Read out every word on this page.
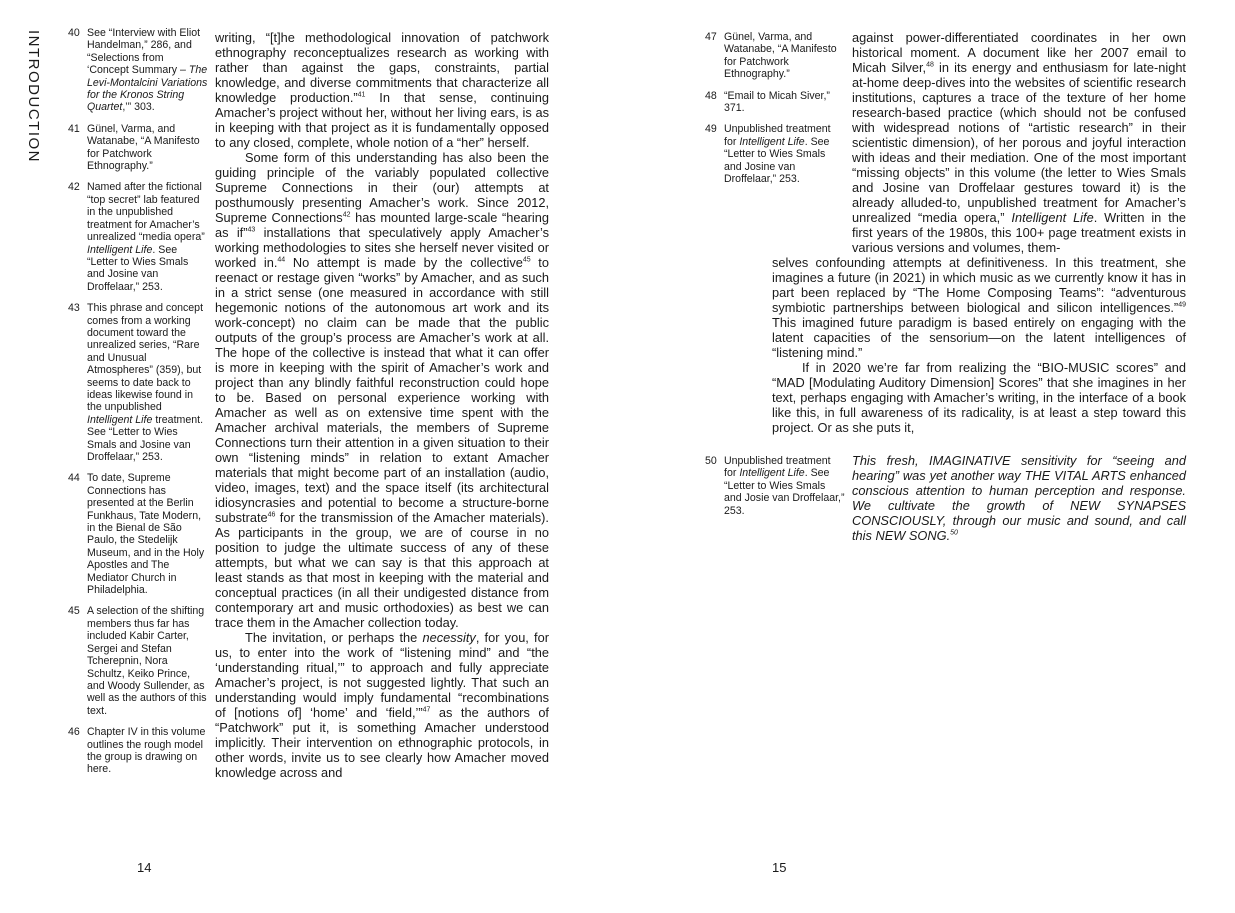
INTRODUCTION 40 See “Interview with Eliot Handelman,” 286, and “Selections from ‘Concept Summary – The Levi-Montalcini Variations for the Kronos String Quartet,’” 303.
41 Günel, Varma, and Watanabe, “A Manifesto for Patchwork Ethnography.”
42 Named after the fictional “top secret” lab featured in the unpublished treatment for Amacher’s unrealized “media opera” Intelligent Life. See “Letter to Wies Smals and Josine van Droffelaar,” 253.
43 This phrase and concept comes from a working document toward the unrealized series, “Rare and Unusual Atmospheres” (359), but seems to date back to ideas likewise found in the unpublished Intelligent Life treatment. See “Letter to Wies Smals and Josine van Droffelaar,” 253.
44 To date, Supreme Connections has presented at the Berlin Funkhaus, Tate Modern, in the Bienal de São Paulo, the Stedelijk Museum, and in the Holy Apostles and The Mediator Church in Philadelphia.
45 A selection of the shifting members thus far has included Kabir Carter, Sergei and Stefan Tcherepnin, Nora Schultz, Keiko Prince, and Woody Sullender, as well as the authors of this text.
46 Chapter IV in this volume outlines the rough model the group is drawing on here.

writing, “[t]he methodological innovation of patchwork ethnography reconceptualizes research as working with rather than against the gaps, constraints, partial knowledge, and diverse commitments that characterize all knowledge production.”$^{41}$ In that sense, continuing Amacher’s project without her, without her living ears, is as in keeping with that project as it is fundamentally opposed to any closed, complete, whole notion of a “her” herself.

Some form of this understanding has also been the guiding principle of the variably populated collective Supreme Connections in their (our) attempts at posthumously presenting Amacher’s work. Since 2012, Supreme Connections$^{42}$ has mounted large-scale “hearing as if”$^{43}$ installations that speculatively apply Amacher’s working methodologies to sites she herself never visited or worked in.$^{44}$ No attempt is made by the collective$^{45}$ to reenact or restage given “works” by Amacher, and as such in a strict sense (one measured in accordance with still hegemonic notions of the autonomous art work and its work-concept) no claim can be made that the public outputs of the group’s process are Amacher’s work at all. The hope of the collective is instead that what it can offer is more in keeping with the spirit of Amacher’s work and project than any blindly faithful reconstruction could hope to be. Based on personal experience working with Amacher as well as on extensive time spent with the Amacher archival materials, the members of Supreme Connections turn their attention in a given situation to their own “listening minds” in relation to extant Amacher materials that might become part of an installation (audio, video, images, text) and the space itself (its architectural idiosyncrasies and potential to become a structure-borne substrate$^{46}$ for the transmission of the Amacher materials). As participants in the group, we are of course in no position to judge the ultimate success of any of these attempts, but what we can say is that this approach at least stands as that most in keeping with the material and conceptual practices (in all their undigested distance from contemporary art and music orthodoxies) as best we can trace them in the Amacher collection today.

The invitation, or perhaps the necessity, for you, for us, to enter into the work of “listening mind” and “the ‘understanding ritual,’” to approach and fully appreciate Amacher’s project, is not suggested lightly. That such an understanding would imply fundamental “recombinations of [notions of] ‘home’ and ‘field,’”$^{47}$ as the authors of “Patchwork” put it, is something Amacher understood implicitly. Their intervention on ethnographic protocols, in other words, invite us to see clearly how Amacher moved knowledge across and

14
47 Günel, Varma, and Watanabe, “A Manifesto for Patchwork Ethnography.”
48 “Email to Micah Siver,” 371.
49 Unpublished treatment for Intelligent Life. See “Letter to Wies Smals and Josine van Droffelaar,” 253.

against power-differentiated coordinates in her own historical moment. A document like her 2007 email to Micah Silver,$^{48}$ in its energy and enthusiasm for late-night at-home deep-dives into the websites of scientific research institutions, captures a trace of the texture of her home research-based practice (which should not be confused with widespread notions of “artistic research” in their scientistic dimension), of her porous and joyful interaction with ideas and their mediation. One of the most important “missing objects” in this volume (the letter to Wies Smals and Josine van Droffelaar gestures toward it) is the already alluded-to, unpublished treatment for Amacher’s unrealized “media opera,” Intelligent Life. Written in the first years of the 1980s, this 100+ page treatment exists in various versions and volumes, them-

selves confounding attempts at definitiveness. In this treatment, she imagines a future (in 2021) in which music as we currently know it has in part been replaced by “The Home Composing Teams”: “adventurous symbiotic partnerships between biological and silicon intelligences.”$^{49}$ This imagined future paradigm is based entirely on engaging with the latent capacities of the sensorium—on the latent intelligences of “listening mind.”

If in 2020 we’re far from realizing the “BIO-MUSIC scores” and “MAD [Modulating Auditory Dimension] Scores” that she imagines in her text, perhaps engaging with Amacher’s writing, in the interface of a book like this, in full awareness of its radicality, is at least a step toward this project. Or as she puts it,

50 Unpublished treatment for Intelligent Life. See “Letter to Wies Smals and Josie van Droffelaar,” 253.

This fresh, IMAGINATIVE sensitivity for “seeing and hearing” was yet another way THE VITAL ARTS enhanced conscious attention to human perception and response. We cultivate the growth of NEW SYNAPSES CONSCIOUSLY, through our music and sound, and call this NEW SONG.$^{50}$

15
